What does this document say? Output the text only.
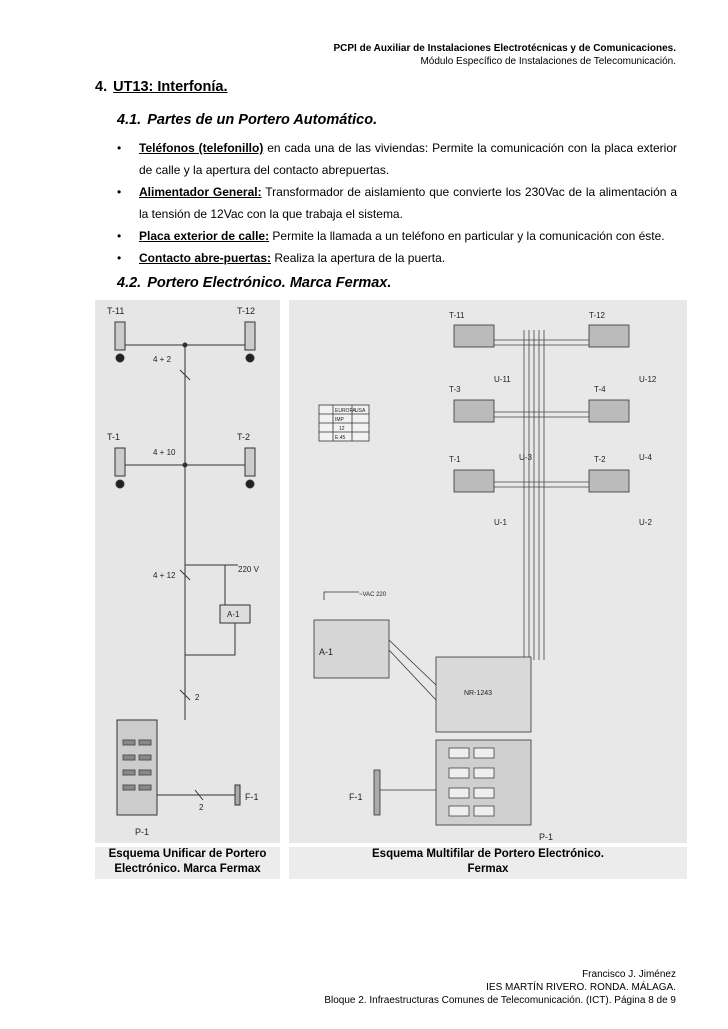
PCPI de Auxiliar de Instalaciones Electrotécnicas y de Comunicaciones.
Módulo Específico de Instalaciones de Telecomunicación.
4. UT13: Interfonía.
4.1. Partes de un Portero Automático.
• Teléfonos (telefonillo) en cada una de las viviendas: Permite la comunicación con la placa exterior de calle y la apertura del contacto abrepuertas.
• Alimentador General: Transformador de aislamiento que convierte los 230Vac de la alimentación a la tensión de 12Vac con la que trabaja el sistema.
• Placa exterior de calle: Permite la llamada a un teléfono en particular y la comunicación con éste.
• Contacto abre-puertas: Realiza la apertura de la puerta.
4.2. Portero Electrónico. Marca Fermax.
T-11	T-12
4 + 2
T-1	T-2
4 + 10
4 + 12
220 V
A-1
2
2
F-1
P-1
T-11	T-12
T-3	T-4
T-1	T-2
U-11	U-12
U-3	U-4
U-1	U-2
EUROPA USA
IMP
12
E.45
~VAC 220
A-1
NR-1243
P-1
F-1
Esquema Unificar de Portero
Electrónico. Marca Fermax
Esquema Multifilar de Portero Electrónico.
Fermax
Francisco J. Jiménez
IES MARTÍN RIVERO. RONDA. MÁLAGA.
Bloque 2. Infraestructuras Comunes de Telecomunicación. (ICT). Página 8 de 9
